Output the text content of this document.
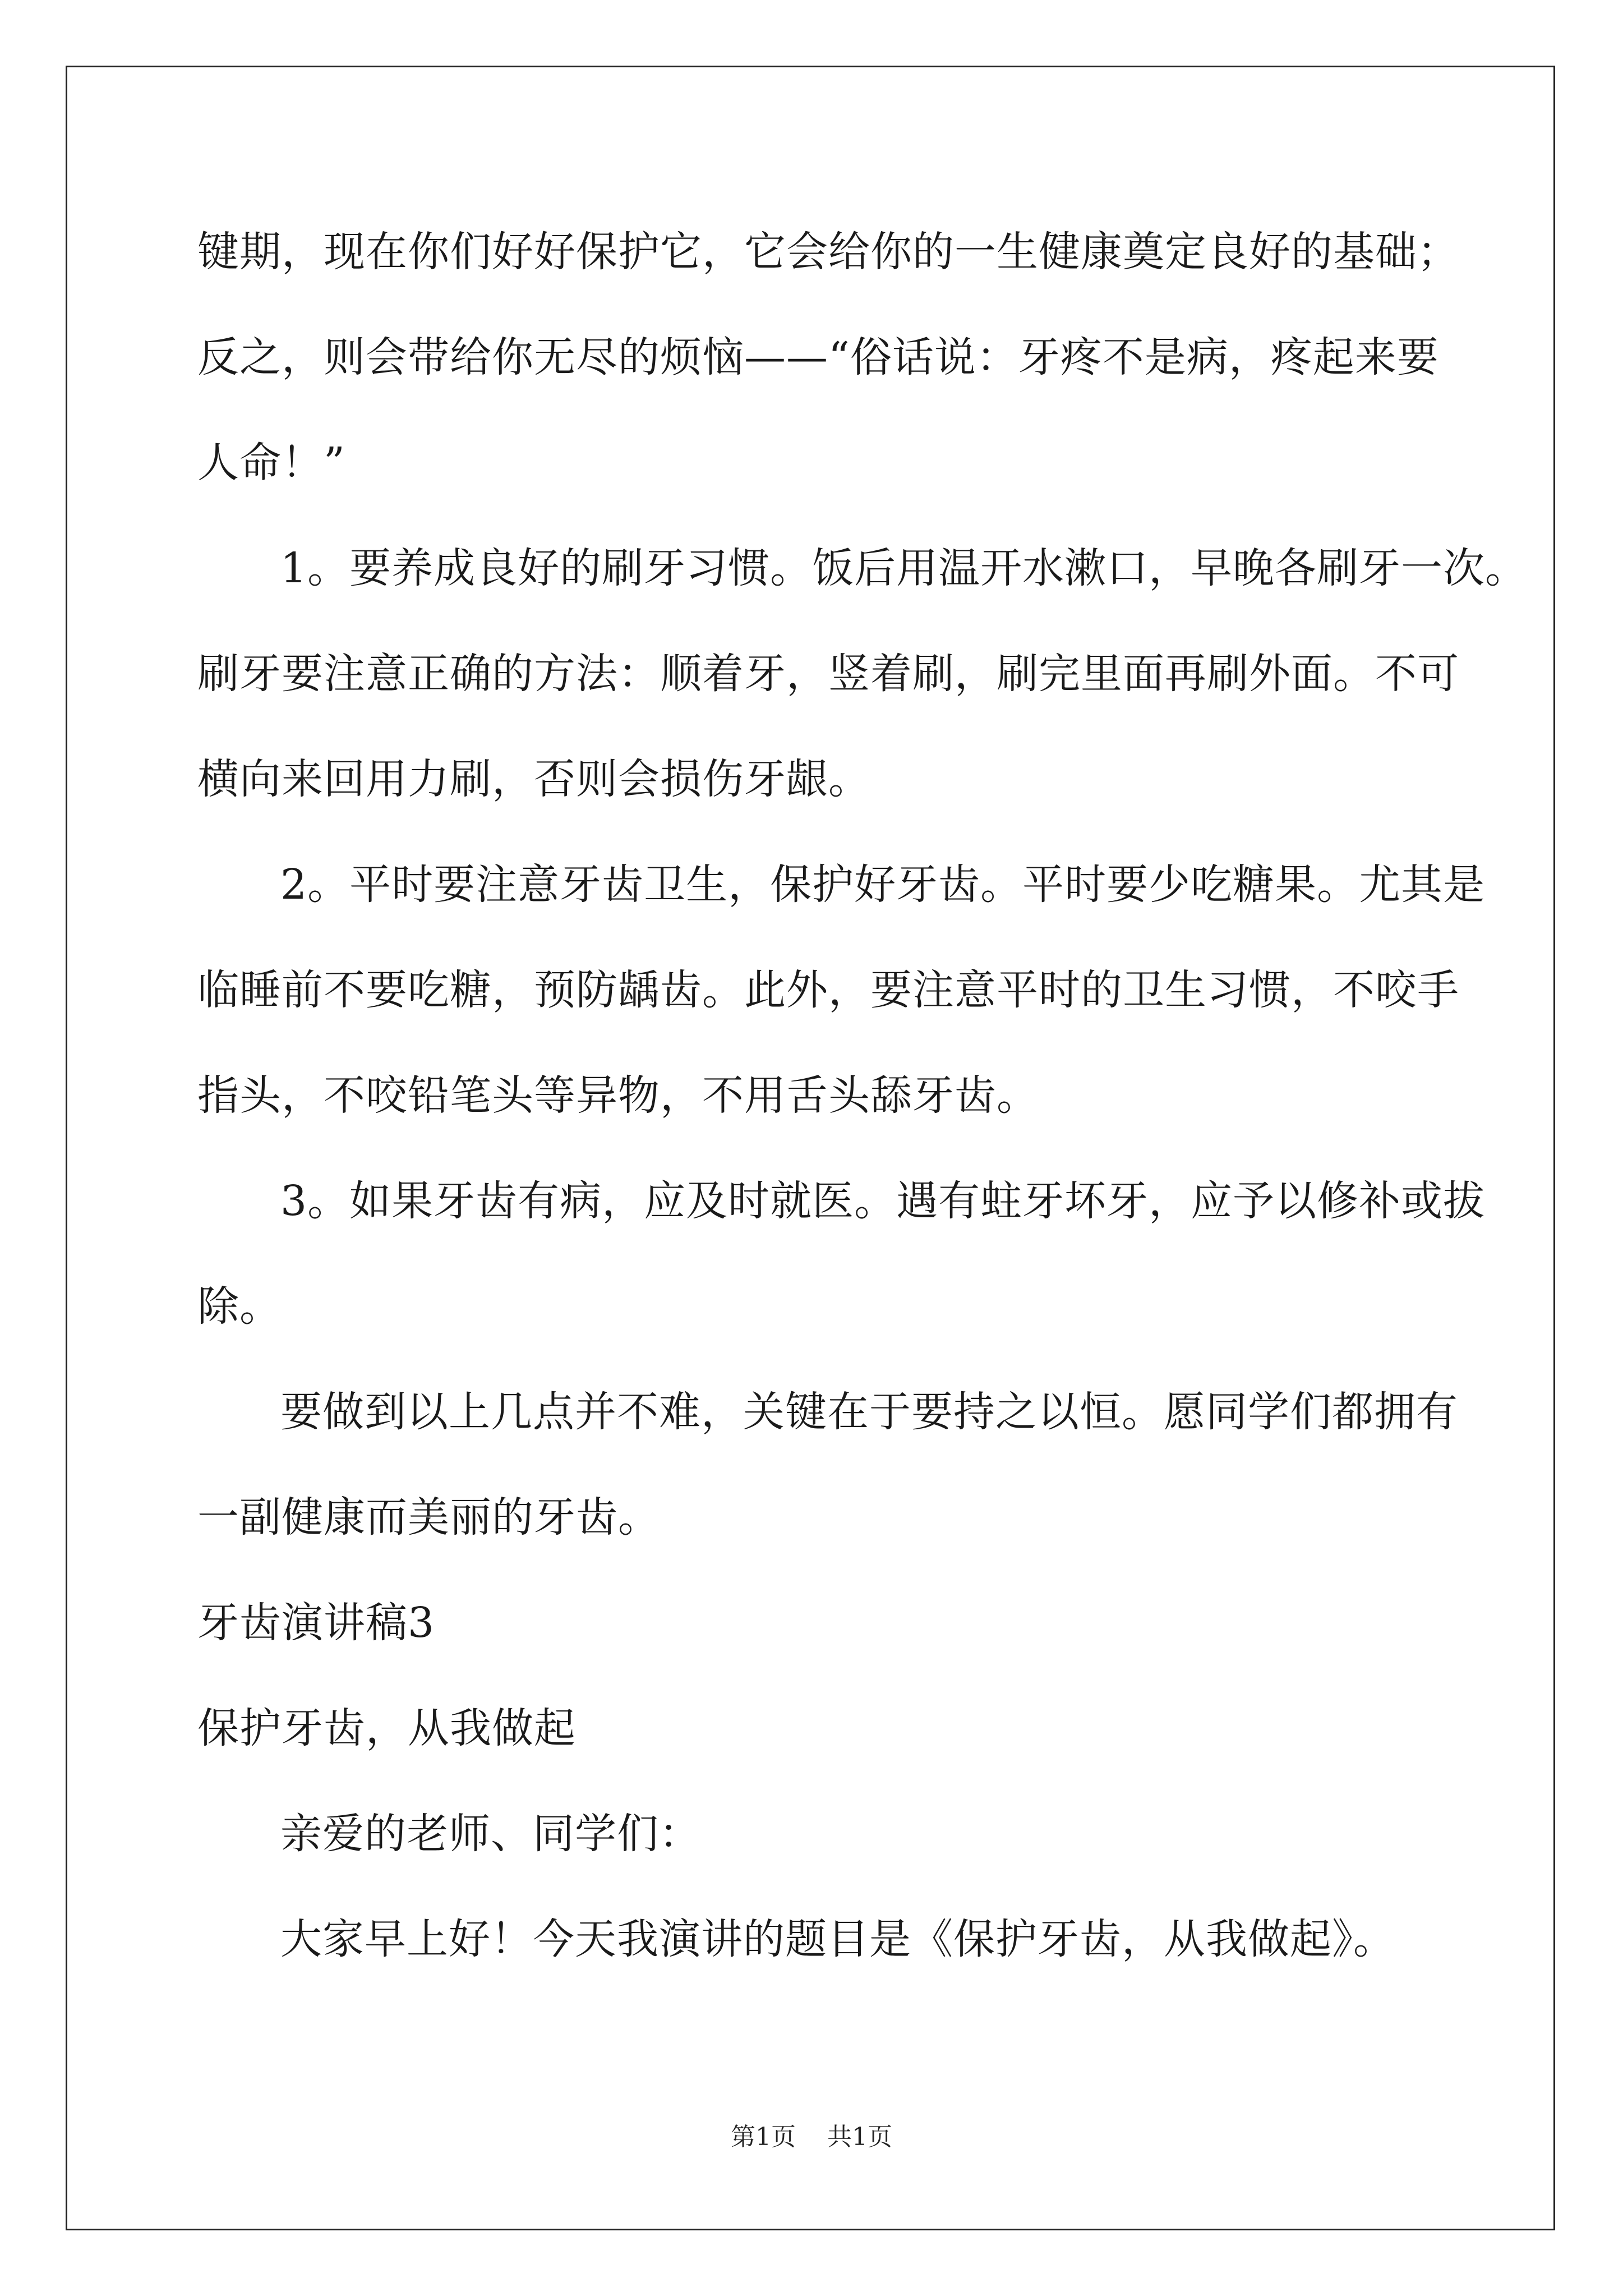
键期，现在你们好好保护它，它会给你的一生健康奠定良好的基础；
反之，则会带给你无尽的烦恼——“俗话说：牙疼不是病，疼起来要
人命！”
1。要养成良好的刷牙习惯。饭后用温开水漱口，早晚各刷牙一次。
刷牙要注意正确的方法：顺着牙，竖着刷，刷完里面再刷外面。不可
横向来回用力刷，否则会损伤牙龈。
2。平时要注意牙齿卫生，保护好牙齿。平时要少吃糖果。尤其是
临睡前不要吃糖，预防龋齿。此外，要注意平时的卫生习惯，不咬手
指头，不咬铅笔头等异物，不用舌头舔牙齿。
3。如果牙齿有病，应及时就医。遇有蛀牙坏牙，应予以修补或拔
除。
要做到以上几点并不难，关键在于要持之以恒。愿同学们都拥有
一副健康而美丽的牙齿。
牙齿演讲稿3
保护牙齿，从我做起
亲爱的老师、同学们：
大家早上好！今天我演讲的题目是《保护牙齿，从我做起》。
第1页 共1页
